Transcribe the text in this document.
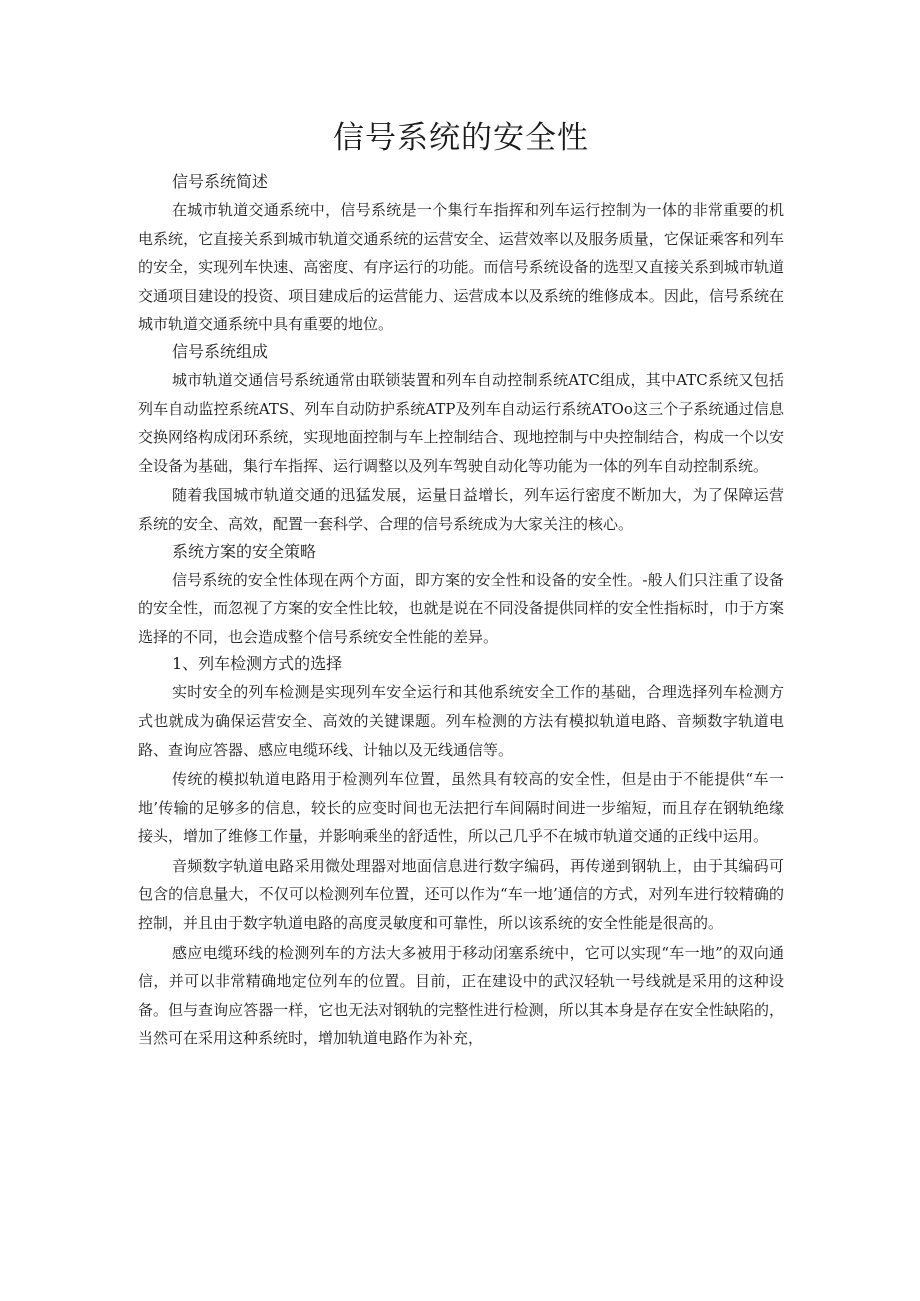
信号系统的安全性
信号系统简述

在城市轨道交通系统中，信号系统是一个集行车指挥和列车运行控制为一体的非常重要的机电系统，它直接关系到城市轨道交通系统的运营安全、运营效率以及服务质量，它保证乘客和列车的安全，实现列车快速、高密度、有序运行的功能。而信号系统设备的选型又直接关系到城市轨道交通项目建设的投资、项目建成后的运营能力、运营成本以及系统的维修成本。因此，信号系统在城市轨道交通系统中具有重要的地位。

信号系统组成

城市轨道交通信号系统通常由联锁装置和列车自动控制系统ATC组成，其中ATC系统又包括列车自动监控系统ATS、列车自动防护系统ATP及列车自动运行系统ATOo这三个子系统通过信息交换网络构成闭环系统，实现地面控制与车上控制结合、现地控制与中央控制结合，构成一个以安全设备为基础，集行车指挥、运行调整以及列车驾驶自动化等功能为一体的列车自动控制系统。

随着我国城市轨道交通的迅猛发展，运量日益增长，列车运行密度不断加大，为了保障运营系统的安全、高效，配置一套科学、合理的信号系统成为大家关注的核心。

系统方案的安全策略

信号系统的安全性体现在两个方面，即方案的安全性和设备的安全性。-般人们只注重了设备的安全性，而忽视了方案的安全性比较，也就是说在不同没备提供同样的安全性指标时，巾于方案选择的不同，也会造成整个信号系统安全性能的差异。

1、列车检测方式的选择

实时安全的列车检测是实现列车安全运行和其他系统安全工作的基础，合理选择列车检测方式也就成为确保运营安全、高效的关键课题。列车检测的方法有模拟轨道电路、音频数字轨道电路、查询应答器、感应电缆环线、计轴以及无线通信等。

传统的模拟轨道电路用于检测列车位置，虽然具有较高的安全性，但是由于不能提供“车一地’传输的足够多的信息，较长的应变时间也无法把行车间隔时间进一步缩短，而且存在钢轨绝缘接头，增加了维修工作量，并影响乘坐的舒适性，所以己几乎不在城市轨道交通的正线中运用。

音频数字轨道电路采用微处理器对地面信息进行数字编码，再传递到钢轨上，由于其编码可包含的信息量大，不仅可以检测列车位置，还可以作为“车一地’通信的方式，对列车进行较精确的控制，并且由于数字轨道电路的高度灵敏度和可靠性，所以该系统的安全性能是很高的。

感应电缆环线的检测列车的方法大多被用于移动闭塞系统中，它可以实现“车一地”的双向通信，并可以非常精确地定位列车的位置。目前，正在建设中的武汉轻轨一号线就是采用的这种设备。但与查询应答器一样，它也无法对钢轨的完整性进行检测，所以其本身是存在安全性缺陷的，当然可在采用这种系统时，增加轨道电路作为补充，
